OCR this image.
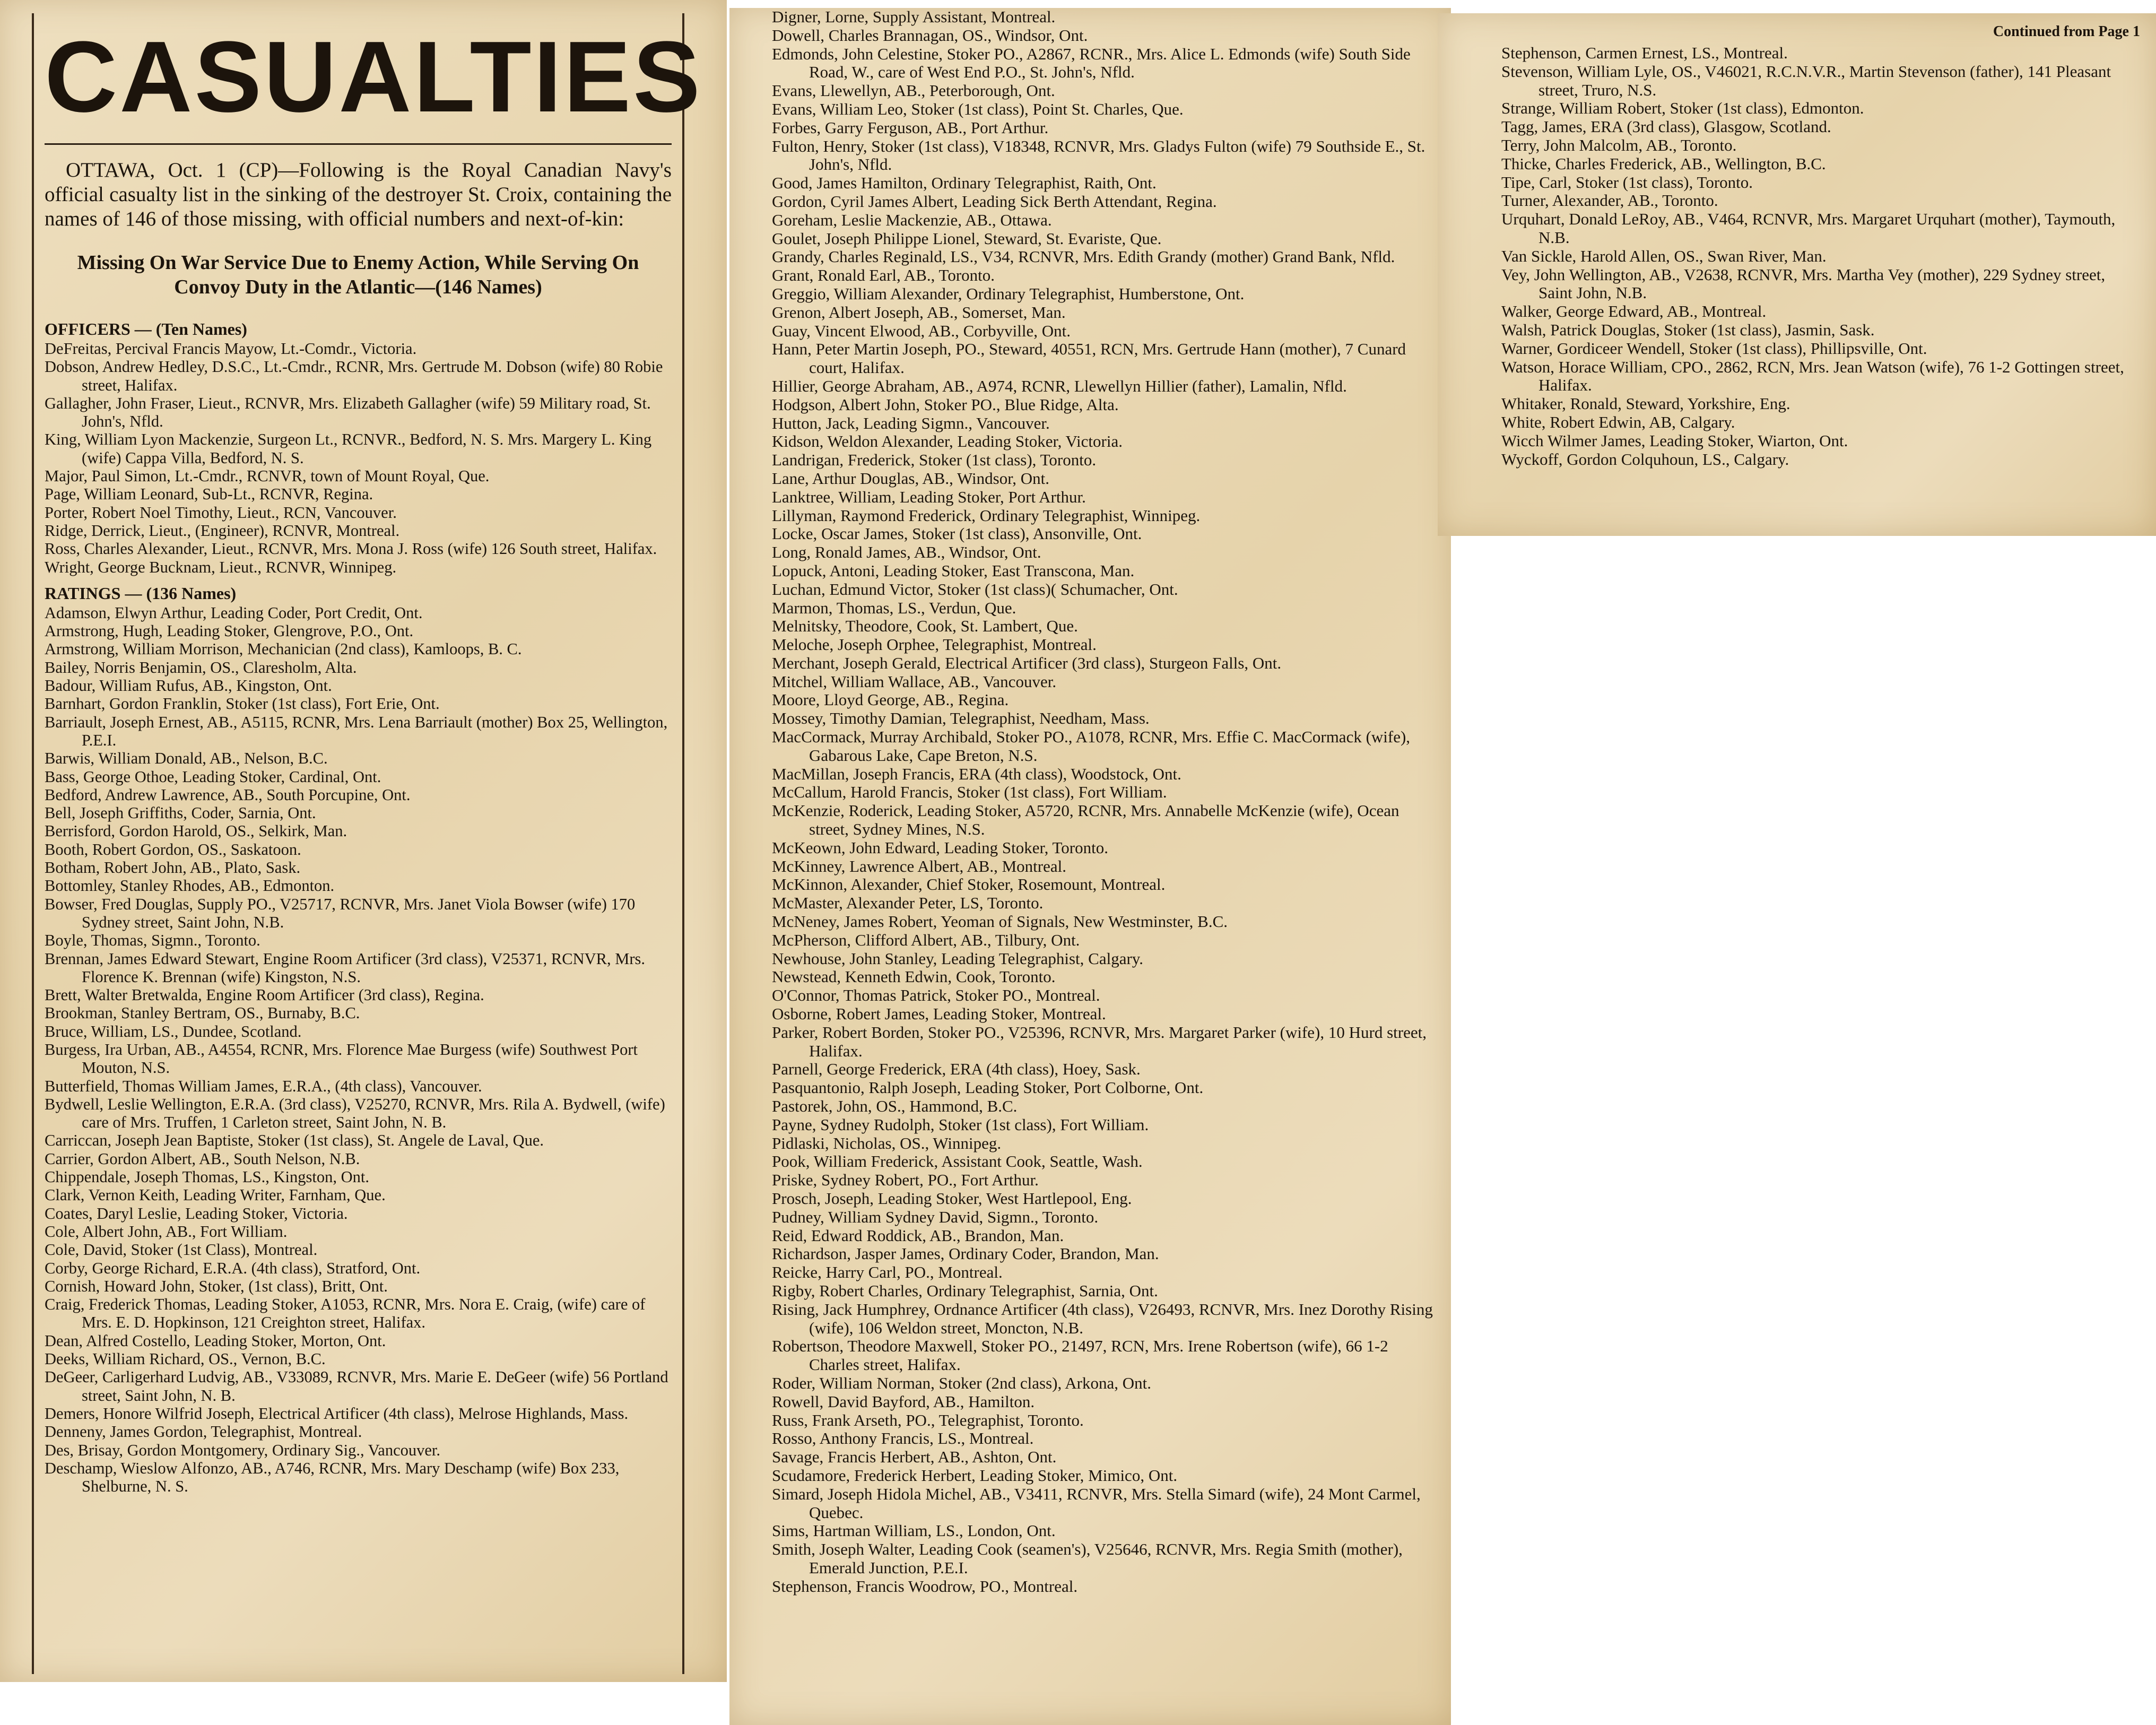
CASUALTIES

OTTAWA, Oct. 1 (CP)—Following is the Royal Canadian Navy's official casualty list in the sinking of the destroyer St. Croix, containing the names of 146 of those missing, with official numbers and next-of-kin:

Missing On War Service Due to Enemy Action, While Serving On Convoy Duty in the Atlantic—(146 Names)
OFFICERS — (Ten Names)
DeFreitas, Percival Francis Mayow, Lt.-Comdr., Victoria.
Dobson, Andrew Hedley, D.S.C., Lt.-Cmdr., RCNR, Mrs. Gertrude M. Dobson (wife) 80 Robie street, Halifax.
Gallagher, John Fraser, Lieut., RCNVR, Mrs. Elizabeth Gallagher (wife) 59 Military road, St. John's, Nfld.
King, William Lyon Mackenzie, Surgeon Lt., RCNVR., Bedford, N. S. Mrs. Margery L. King (wife) Cappa Villa, Bedford, N. S.
Major, Paul Simon, Lt.-Cmdr., RCNVR, town of Mount Royal, Que.
Page, William Leonard, Sub-Lt., RCNVR, Regina.
Porter, Robert Noel Timothy, Lieut., RCN, Vancouver.
Ridge, Derrick, Lieut., (Engineer), RCNVR, Montreal.
Ross, Charles Alexander, Lieut., RCNVR, Mrs. Mona J. Ross (wife) 126 South street, Halifax.
Wright, George Bucknam, Lieut., RCNVR, Winnipeg.
RATINGS — (136 Names)
Adamson, Elwyn Arthur, Leading Coder, Port Credit, Ont.
Armstrong, Hugh, Leading Stoker, Glengrove, P.O., Ont.
Armstrong, William Morrison, Mechanician (2nd class), Kamloops, B. C.
Bailey, Norris Benjamin, OS., Claresholm, Alta.
Badour, William Rufus, AB., Kingston, Ont.
Barnhart, Gordon Franklin, Stoker (1st class), Fort Erie, Ont.
Barriault, Joseph Ernest, AB., A5115, RCNR, Mrs. Lena Barriault (mother) Box 25, Wellington, P.E.I.
Barwis, William Donald, AB., Nelson, B.C.
Bass, George Othoe, Leading Stoker, Cardinal, Ont.
Bedford, Andrew Lawrence, AB., South Porcupine, Ont.
Bell, Joseph Griffiths, Coder, Sarnia, Ont.
Berrisford, Gordon Harold, OS., Selkirk, Man.
Booth, Robert Gordon, OS., Saskatoon.
Botham, Robert John, AB., Plato, Sask.
Bottomley, Stanley Rhodes, AB., Edmonton.
Bowser, Fred Douglas, Supply PO., V25717, RCNVR, Mrs. Janet Viola Bowser (wife) 170 Sydney street, Saint John, N.B.
Boyle, Thomas, Sigmn., Toronto.
Brennan, James Edward Stewart, Engine Room Artificer (3rd class), V25371, RCNVR, Mrs. Florence K. Brennan (wife) Kingston, N.S.
Brett, Walter Bretwalda, Engine Room Artificer (3rd class), Regina.
Brookman, Stanley Bertram, OS., Burnaby, B.C.
Bruce, William, LS., Dundee, Scotland.
Burgess, Ira Urban, AB., A4554, RCNR, Mrs. Florence Mae Burgess (wife) Southwest Port Mouton, N.S.
Butterfield, Thomas William James, E.R.A., (4th class), Vancouver.
Bydwell, Leslie Wellington, E.R.A. (3rd class), V25270, RCNVR, Mrs. Rila A. Bydwell, (wife) care of Mrs. Truffen, 1 Carleton street, Saint John, N. B.
Carriccan, Joseph Jean Baptiste, Stoker (1st class), St. Angele de Laval, Que.
Carrier, Gordon Albert, AB., South Nelson, N.B.
Chippendale, Joseph Thomas, LS., Kingston, Ont.
Clark, Vernon Keith, Leading Writer, Farnham, Que.
Coates, Daryl Leslie, Leading Stoker, Victoria.
Cole, Albert John, AB., Fort William.
Cole, David, Stoker (1st Class), Montreal.
Corby, George Richard, E.R.A. (4th class), Stratford, Ont.
Cornish, Howard John, Stoker, (1st class), Britt, Ont.
Craig, Frederick Thomas, Leading Stoker, A1053, RCNR, Mrs. Nora E. Craig, (wife) care of Mrs. E. D. Hopkinson, 121 Creighton street, Halifax.
Dean, Alfred Costello, Leading Stoker, Morton, Ont.
Deeks, William Richard, OS., Vernon, B.C.
DeGeer, Carligerhard Ludvig, AB., V33089, RCNVR, Mrs. Marie E. DeGeer (wife) 56 Portland street, Saint John, N. B.
Demers, Honore Wilfrid Joseph, Electrical Artificer (4th class), Melrose Highlands, Mass.
Denneny, James Gordon, Telegraphist, Montreal.
Des, Brisay, Gordon Montgomery, Ordinary Sig., Vancouver.
Deschamp, Wieslow Alfonzo, AB., A746, RCNR, Mrs. Mary Deschamp (wife) Box 233, Shelburne, N. S.
Digner, Lorne, Supply Assistant, Montreal.
Dowell, Charles Brannagan, OS., Windsor, Ont.
Edmonds, John Celestine, Stoker PO., A2867, RCNR., Mrs. Alice L. Edmonds (wife) South Side Road, W., care of West End P.O., St. John's, Nfld.
Evans, Llewellyn, AB., Peterborough, Ont.
Evans, William Leo, Stoker (1st class), Point St. Charles, Que.
Forbes, Garry Ferguson, AB., Port Arthur.
Fulton, Henry, Stoker (1st class), V18348, RCNVR, Mrs. Gladys Fulton (wife) 79 Southside E., St. John's, Nfld.
Good, James Hamilton, Ordinary Telegraphist, Raith, Ont.
Gordon, Cyril James Albert, Leading Sick Berth Attendant, Regina.
Goreham, Leslie Mackenzie, AB., Ottawa.
Goulet, Joseph Philippe Lionel, Steward, St. Evariste, Que.
Grandy, Charles Reginald, LS., V34, RCNVR, Mrs. Edith Grandy (mother) Grand Bank, Nfld.
Grant, Ronald Earl, AB., Toronto.
Greggio, William Alexander, Ordinary Telegraphist, Humberstone, Ont.
Grenon, Albert Joseph, AB., Somerset, Man.
Guay, Vincent Elwood, AB., Corbyville, Ont.
Hann, Peter Martin Joseph, PO., Steward, 40551, RCN, Mrs. Gertrude Hann (mother), 7 Cunard court, Halifax.
Hillier, George Abraham, AB., A974, RCNR, Llewellyn Hillier (father), Lamalin, Nfld.
Hodgson, Albert John, Stoker PO., Blue Ridge, Alta.
Hutton, Jack, Leading Sigmn., Vancouver.
Kidson, Weldon Alexander, Leading Stoker, Victoria.
Landrigan, Frederick, Stoker (1st class), Toronto.
Lane, Arthur Douglas, AB., Windsor, Ont.
Lanktree, William, Leading Stoker, Port Arthur.
Lillyman, Raymond Frederick, Ordinary Telegraphist, Winnipeg.
Locke, Oscar James, Stoker (1st class), Ansonville, Ont.
Long, Ronald James, AB., Windsor, Ont.
Lopuck, Antoni, Leading Stoker, East Transcona, Man.
Luchan, Edmund Victor, Stoker (1st class)( Schumacher, Ont.
Marmon, Thomas, LS., Verdun, Que.
Melnitsky, Theodore, Cook, St. Lambert, Que.
Meloche, Joseph Orphee, Telegraphist, Montreal.
Merchant, Joseph Gerald, Electrical Artificer (3rd class), Sturgeon Falls, Ont.
Mitchel, William Wallace, AB., Vancouver.
Moore, Lloyd George, AB., Regina.
Mossey, Timothy Damian, Telegraphist, Needham, Mass.
MacCormack, Murray Archibald, Stoker PO., A1078, RCNR, Mrs. Effie C. MacCormack (wife), Gabarous Lake, Cape Breton, N.S.
MacMillan, Joseph Francis, ERA (4th class), Woodstock, Ont.
McCallum, Harold Francis, Stoker (1st class), Fort William.
McKenzie, Roderick, Leading Stoker, A5720, RCNR, Mrs. Annabelle McKenzie (wife), Ocean street, Sydney Mines, N.S.
McKeown, John Edward, Leading Stoker, Toronto.
McKinney, Lawrence Albert, AB., Montreal.
McKinnon, Alexander, Chief Stoker, Rosemount, Montreal.
McMaster, Alexander Peter, LS, Toronto.
McNeney, James Robert, Yeoman of Signals, New Westminster, B.C.
McPherson, Clifford Albert, AB., Tilbury, Ont.
Newhouse, John Stanley, Leading Telegraphist, Calgary.
Newstead, Kenneth Edwin, Cook, Toronto.
O'Connor, Thomas Patrick, Stoker PO., Montreal.
Osborne, Robert James, Leading Stoker, Montreal.
Parker, Robert Borden, Stoker PO., V25396, RCNVR, Mrs. Margaret Parker (wife), 10 Hurd street, Halifax.
Parnell, George Frederick, ERA (4th class), Hoey, Sask.
Pasquantonio, Ralph Joseph, Leading Stoker, Port Colborne, Ont.
Pastorek, John, OS., Hammond, B.C.
Payne, Sydney Rudolph, Stoker (1st class), Fort William.
Pidlaski, Nicholas, OS., Winnipeg.
Pook, William Frederick, Assistant Cook, Seattle, Wash.
Priske, Sydney Robert, PO., Fort Arthur.
Prosch, Joseph, Leading Stoker, West Hartlepool, Eng.
Pudney, William Sydney David, Sigmn., Toronto.
Reid, Edward Roddick, AB., Brandon, Man.
Richardson, Jasper James, Ordinary Coder, Brandon, Man.
Reicke, Harry Carl, PO., Montreal.
Rigby, Robert Charles, Ordinary Telegraphist, Sarnia, Ont.
Rising, Jack Humphrey, Ordnance Artificer (4th class), V26493, RCNVR, Mrs. Inez Dorothy Rising (wife), 106 Weldon street, Moncton, N.B.
Robertson, Theodore Maxwell, Stoker PO., 21497, RCN, Mrs. Irene Robertson (wife), 66 1-2 Charles street, Halifax.
Roder, William Norman, Stoker (2nd class), Arkona, Ont.
Rowell, David Bayford, AB., Hamilton.
Russ, Frank Arseth, PO., Telegraphist, Toronto.
Rosso, Anthony Francis, LS., Montreal.
Savage, Francis Herbert, AB., Ashton, Ont.
Scudamore, Frederick Herbert, Leading Stoker, Mimico, Ont.
Simard, Joseph Hidola Michel, AB., V3411, RCNVR, Mrs. Stella Simard (wife), 24 Mont Carmel, Quebec.
Sims, Hartman William, LS., London, Ont.
Smith, Joseph Walter, Leading Cook (seamen's), V25646, RCNVR, Mrs. Regia Smith (mother), Emerald Junction, P.E.I.
Stephenson, Francis Woodrow, PO., Montreal.
Continued from Page 1
Stephenson, Carmen Ernest, LS., Montreal.
Stevenson, William Lyle, OS., V46021, R.C.N.V.R., Martin Stevenson (father), 141 Pleasant street, Truro, N.S.
Strange, William Robert, Stoker (1st class), Edmonton.
Tagg, James, ERA (3rd class), Glasgow, Scotland.
Terry, John Malcolm, AB., Toronto.
Thicke, Charles Frederick, AB., Wellington, B.C.
Tipe, Carl, Stoker (1st class), Toronto.
Turner, Alexander, AB., Toronto.
Urquhart, Donald LeRoy, AB., V464, RCNVR, Mrs. Margaret Urquhart (mother), Taymouth, N.B.
Van Sickle, Harold Allen, OS., Swan River, Man.
Vey, John Wellington, AB., V2638, RCNVR, Mrs. Martha Vey (mother), 229 Sydney street, Saint John, N.B.
Walker, George Edward, AB., Montreal.
Walsh, Patrick Douglas, Stoker (1st class), Jasmin, Sask.
Warner, Gordiceer Wendell, Stoker (1st class), Phillipsville, Ont.
Watson, Horace William, CPO., 2862, RCN, Mrs. Jean Watson (wife), 76 1-2 Gottingen street, Halifax.
Whitaker, Ronald, Steward, Yorkshire, Eng.
White, Robert Edwin, AB, Calgary.
Wicch Wilmer James, Leading Stoker, Wiarton, Ont.
Wyckoff, Gordon Colquhoun, LS., Calgary.
